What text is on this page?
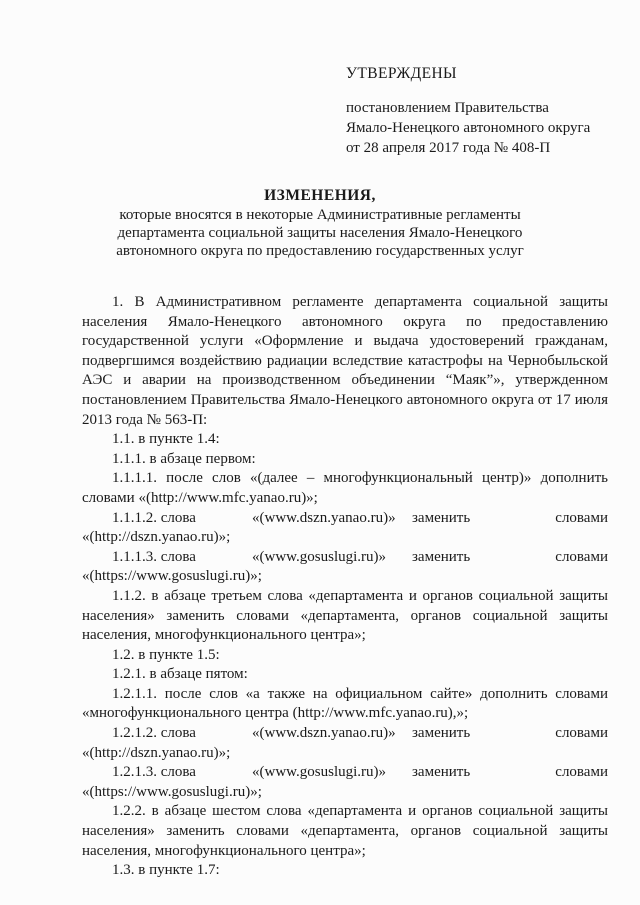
УТВЕРЖДЕНЫ
постановлением Правительства
Ямало-Ненецкого автономного округа
от 28 апреля 2017 года № 408-П
ИЗМЕНЕНИЯ,
которые вносятся в некоторые Административные регламенты
департамента социальной защиты населения Ямало-Ненецкого
автономного округа по предоставлению государственных услуг

1. В Административном регламенте департамента социальной защиты населения Ямало-Ненецкого автономного округа по предоставлению государственной услуги «Оформление и выдача удостоверений гражданам, подвергшимся воздействию радиации вследствие катастрофы на Чернобыльской АЭС и аварии на производственном объединении “Маяк”», утвержденном постановлением Правительства Ямало-Ненецкого автономного округа от 17 июля 2013 года № 563-П:

1.1. в пункте 1.4:

1.1.1. в абзаце первом:

1.1.1.1. после слов «(далее – многофункциональный центр)» дополнить словами «(http://www.mfc.yanao.ru)»;

1.1.1.2. слова	«(www.dszn.yanao.ru)»	заменить	словами

«(http://dszn.yanao.ru)»;

1.1.1.3. слова	«(www.gosuslugi.ru)»	заменить	словами

«(https://www.gosuslugi.ru)»;

1.1.2. в абзаце третьем слова «департамента и органов социальной защиты населения» заменить словами «департамента, органов социальной защиты населения, многофункционального центра»;

1.2. в пункте 1.5:

1.2.1. в абзаце пятом:

1.2.1.1. после слов «а также на официальном сайте» дополнить словами «многофункционального центра (http://www.mfc.yanao.ru),»;

1.2.1.2. слова	«(www.dszn.yanao.ru)»	заменить	словами

«(http://dszn.yanao.ru)»;

1.2.1.3. слова	«(www.gosuslugi.ru)»	заменить	словами

«(https://www.gosuslugi.ru)»;

1.2.2. в абзаце шестом слова «департамента и органов социальной защиты населения» заменить словами «департамента, органов социальной защиты населения, многофункционального центра»;

1.3. в пункте 1.7:
